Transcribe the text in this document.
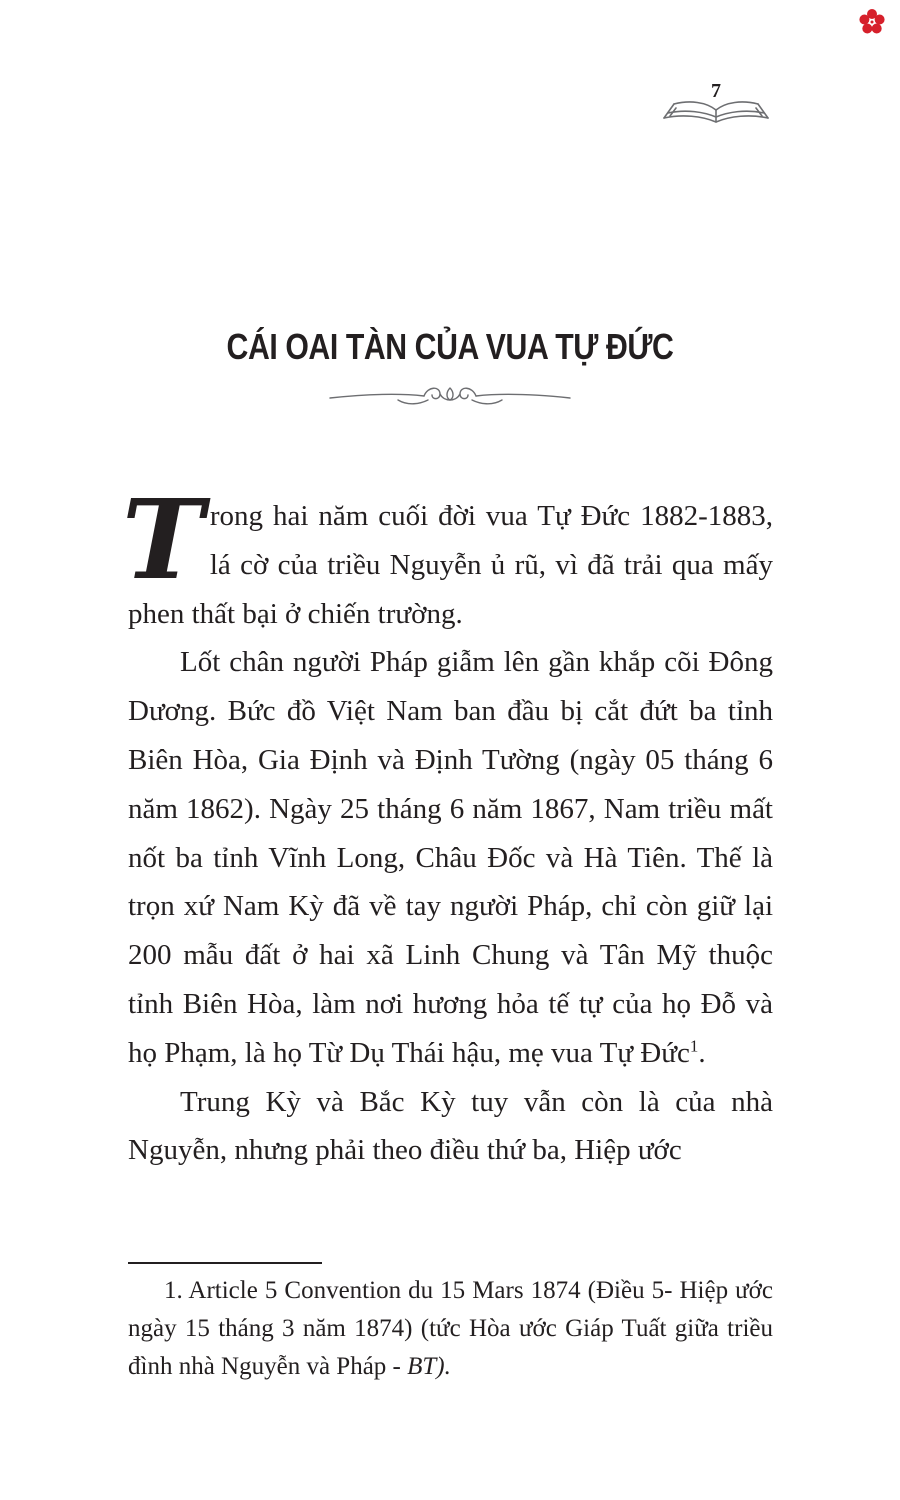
7
CÁI OAI TÀN CỦA VUA TỰ ĐỨC

Trong hai năm cuối đời vua Tự Đức 1882-1883, lá cờ của triều Nguyễn ủ rũ, vì đã trải qua mấy phen thất bại ở chiến trường.

Lốt chân người Pháp giẫm lên gần khắp cõi Đông Dương. Bức đồ Việt Nam ban đầu bị cắt đứt ba tỉnh Biên Hòa, Gia Định và Định Tường (ngày 05 tháng 6 năm 1862). Ngày 25 tháng 6 năm 1867, Nam triều mất nốt ba tỉnh Vĩnh Long, Châu Đốc và Hà Tiên. Thế là trọn xứ Nam Kỳ đã về tay người Pháp, chỉ còn giữ lại 200 mẫu đất ở hai xã Linh Chung và Tân Mỹ thuộc tỉnh Biên Hòa, làm nơi hương hỏa tế tự của họ Đỗ và họ Phạm, là họ Từ Dụ Thái hậu, mẹ vua Tự Đức$^1$.

Trung Kỳ và Bắc Kỳ tuy vẫn còn là của nhà Nguyễn, nhưng phải theo điều thứ ba, Hiệp ước

1. Article 5 Convention du 15 Mars 1874 (Điều 5- Hiệp ước ngày 15 tháng 3 năm 1874) (tức Hòa ước Giáp Tuất giữa triều đình nhà Nguyễn và Pháp - BT).
